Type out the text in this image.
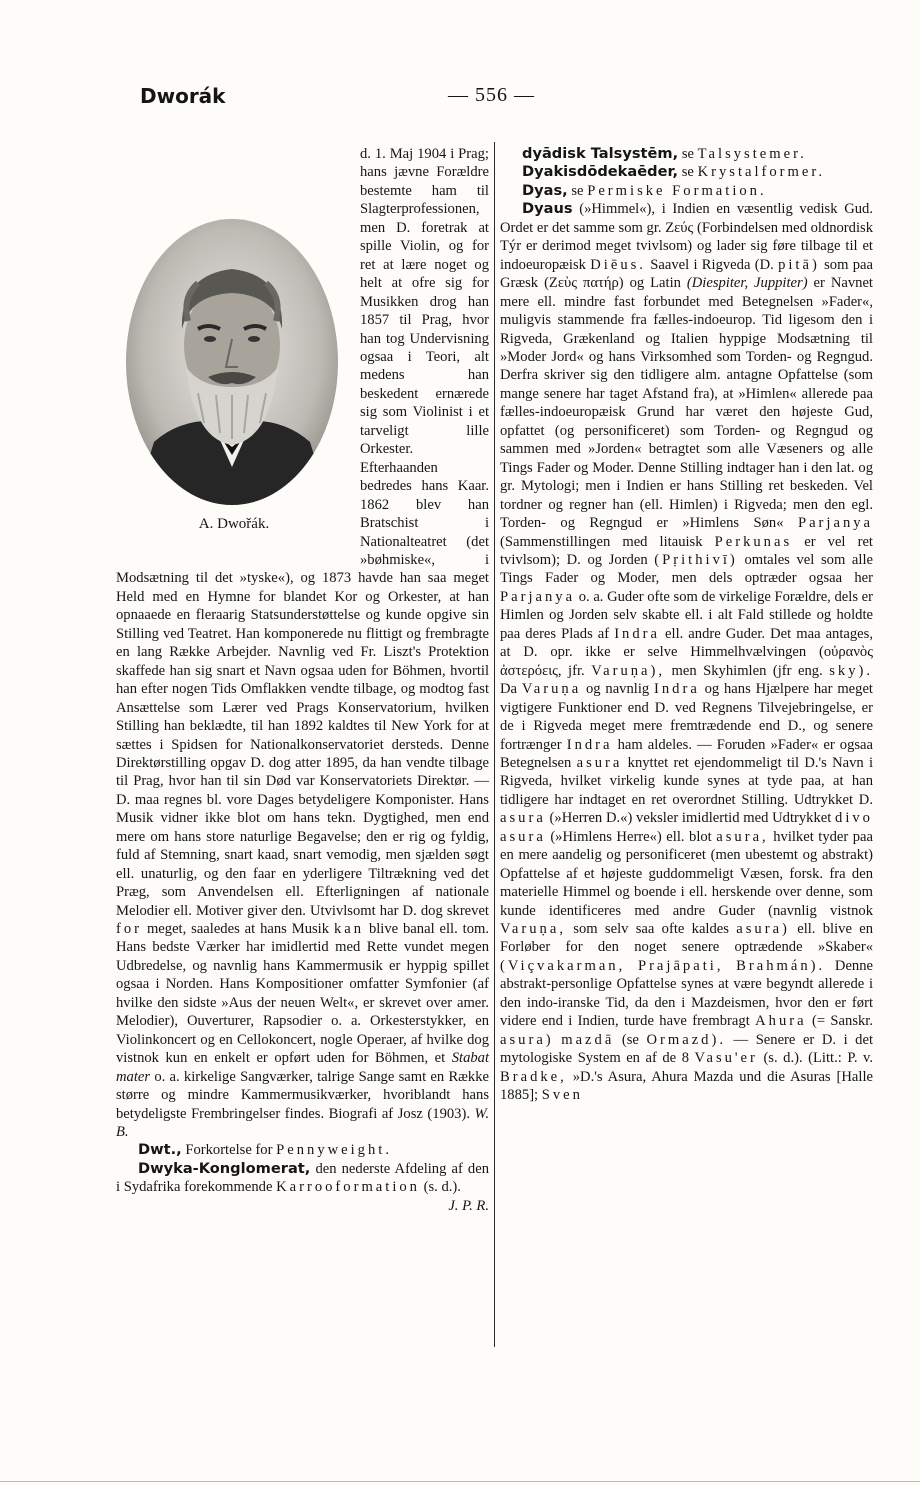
Dworák	— 556 —

A. Dwořák.
d. 1. Maj 1904 i Prag; hans jævne Forældre bestemte ham til Slagterprofessionen, men D. foretrak at spille Violin, og for ret at lære noget og helt at ofre sig for Musikken drog han 1857 til Prag, hvor han tog Undervisning ogsaa i Teori, alt medens han beskedent ernærede sig som Violinist i et tarveligt lille Orkester. Efterhaanden bedredes hans Kaar. 1862 blev han Bratschist i Nationalteatret (det »bøhmiske«, i Modsætning til det »tyske«), og 1873 havde han saa meget Held med en Hymne for blandet Kor og Orkester, at han opnaaede en fleraarig Statsunderstøttelse og kunde opgive sin Stilling ved Teatret. Han komponerede nu flittigt og frembragte en lang Række Arbejder. Navnlig ved Fr. Liszt's Protektion skaffede han sig snart et Navn ogsaa uden for Böhmen, hvortil han efter nogen Tids Omflakken vendte tilbage, og modtog fast Ansættelse som Lærer ved Prags Konservatorium, hvilken Stilling han beklædte, til han 1892 kaldtes til New York for at sættes i Spidsen for Nationalkonservatoriet dersteds. Denne Direktørstilling opgav D. dog atter 1895, da han vendte tilbage til Prag, hvor han til sin Død var Konservatoriets Direktør. — D. maa regnes bl. vore Dages betydeligere Komponister. Hans Musik vidner ikke blot om hans tekn. Dygtighed, men end mere om hans store naturlige Begavelse; den er rig og fyldig, fuld af Stemning, snart kaad, snart vemodig, men sjælden søgt ell. unaturlig, og den faar en yderligere Tiltrækning ved det Præg, som Anvendelsen ell. Efterligningen af nationale Melodier ell. Motiver giver den. Utvivlsomt har D. dog skrevet for meget, saaledes at hans Musik kan blive banal ell. tom. Hans bedste Værker har imidlertid med Rette vundet megen Udbredelse, og navnlig hans Kammermusik er hyppig spillet ogsaa i Norden. Hans Kompositioner omfatter Symfonier (af hvilke den sidste »Aus der neuen Welt«, er skrevet over amer. Melodier), Ouverturer, Rapsodier o. a. Orkesterstykker, en Violinkoncert og en Cellokoncert, nogle Operaer, af hvilke dog vistnok kun en enkelt er opført uden for Böhmen, et Stabat mater o. a. kirkelige Sangværker, talrige Sange samt en Række større og mindre Kammermusikværker, hvoriblandt hans betydeligste Frembringelser findes. Biografi af Josz (1903). W. B.

Dwt., Forkortelse for Pennyweight.

Dwyka-Konglomerat, den nederste Afdeling af den i Sydafrika forekommende Karrooformation (s. d.).
J. P. R.

dyādisk Talsystēm, se Talsystemer.

Dyakisdōdekaēder, se Krystalformer.

Dyas, se Permiske Formation.

Dyaus (»Himmel«), i Indien en væsentlig vedisk Gud. Ordet er det samme som gr. Ζεύς (Forbindelsen med oldnordisk Týr er derimod meget tvivlsom) og lader sig føre tilbage til et indoeuropæisk Diēus. Saavel i Rigveda (D. pitā) som paa Græsk (Ζεὺς πατήρ) og Latin (Diespiter, Juppiter) er Navnet mere ell. mindre fast forbundet med Betegnelsen »Fader«, muligvis stammende fra fælles-indoeurop. Tid ligesom den i Rigveda, Grækenland og Italien hyppige Modsætning til »Moder Jord« og hans Virksomhed som Torden- og Regngud. Derfra skriver sig den tidligere alm. antagne Opfattelse (som mange senere har taget Afstand fra), at »Himlen« allerede paa fælles-indoeuropæisk Grund har været den højeste Gud, opfattet (og personificeret) som Torden- og Regngud og sammen med »Jorden« betragtet som alle Væseners og alle Tings Fader og Moder. Denne Stilling indtager han i den lat. og gr. Mytologi; men i Indien er hans Stilling ret beskeden. Vel tordner og regner han (ell. Himlen) i Rigveda; men den egl. Torden- og Regngud er »Himlens Søn« Parjanya (Sammenstillingen med litauisk Perkunas er vel ret tvivlsom); D. og Jorden (Pṛithivī) omtales vel som alle Tings Fader og Moder, men dels optræder ogsaa her Parjanya o. a. Guder ofte som de virkelige Forældre, dels er Himlen og Jorden selv skabte ell. i alt Fald stillede og holdte paa deres Plads af Indra ell. andre Guder. Det maa antages, at D. opr. ikke er selve Himmelhvælvingen (οὐρανὸς ἀστερόεις, jfr. Varuṇa), men Skyhimlen (jfr eng. sky). Da Varuṇa og navnlig Indra og hans Hjælpere har meget vigtigere Funktioner end D. ved Regnens Tilvejebringelse, er de i Rigveda meget mere fremtrædende end D., og senere fortrænger Indra ham aldeles. — Foruden »Fader« er ogsaa Betegnelsen asura knyttet ret ejendommeligt til D.'s Navn i Rigveda, hvilket virkelig kunde synes at tyde paa, at han tidligere har indtaget en ret overordnet Stilling. Udtrykket D. asura (»Herren D.«) veksler imidlertid med Udtrykket divo asura (»Himlens Herre«) ell. blot asura, hvilket tyder paa en mere aandelig og personificeret (men ubestemt og abstrakt) Opfattelse af et højeste guddommeligt Væsen, forsk. fra den materielle Himmel og boende i ell. herskende over denne, som kunde identificeres med andre Guder (navnlig vistnok Varuṇa, som selv saa ofte kaldes asura) ell. blive en Forløber for den noget senere optrædende »Skaber« (Viçvakarman, Prajāpati, Brahmán). Denne abstrakt-personlige Opfattelse synes at være begyndt allerede i den indo-iranske Tid, da den i Mazdeismen, hvor den er ført videre end i Indien, turde have frembragt Ahura (= Sanskr. asura) mazdā (se Ormazd). — Senere er D. i det mytologiske System en af de 8 Vasu'er (s. d.). (Litt.: P. v. Bradke, »D.'s Asura, Ahura Mazda und die Asuras [Halle 1885]; Sven
